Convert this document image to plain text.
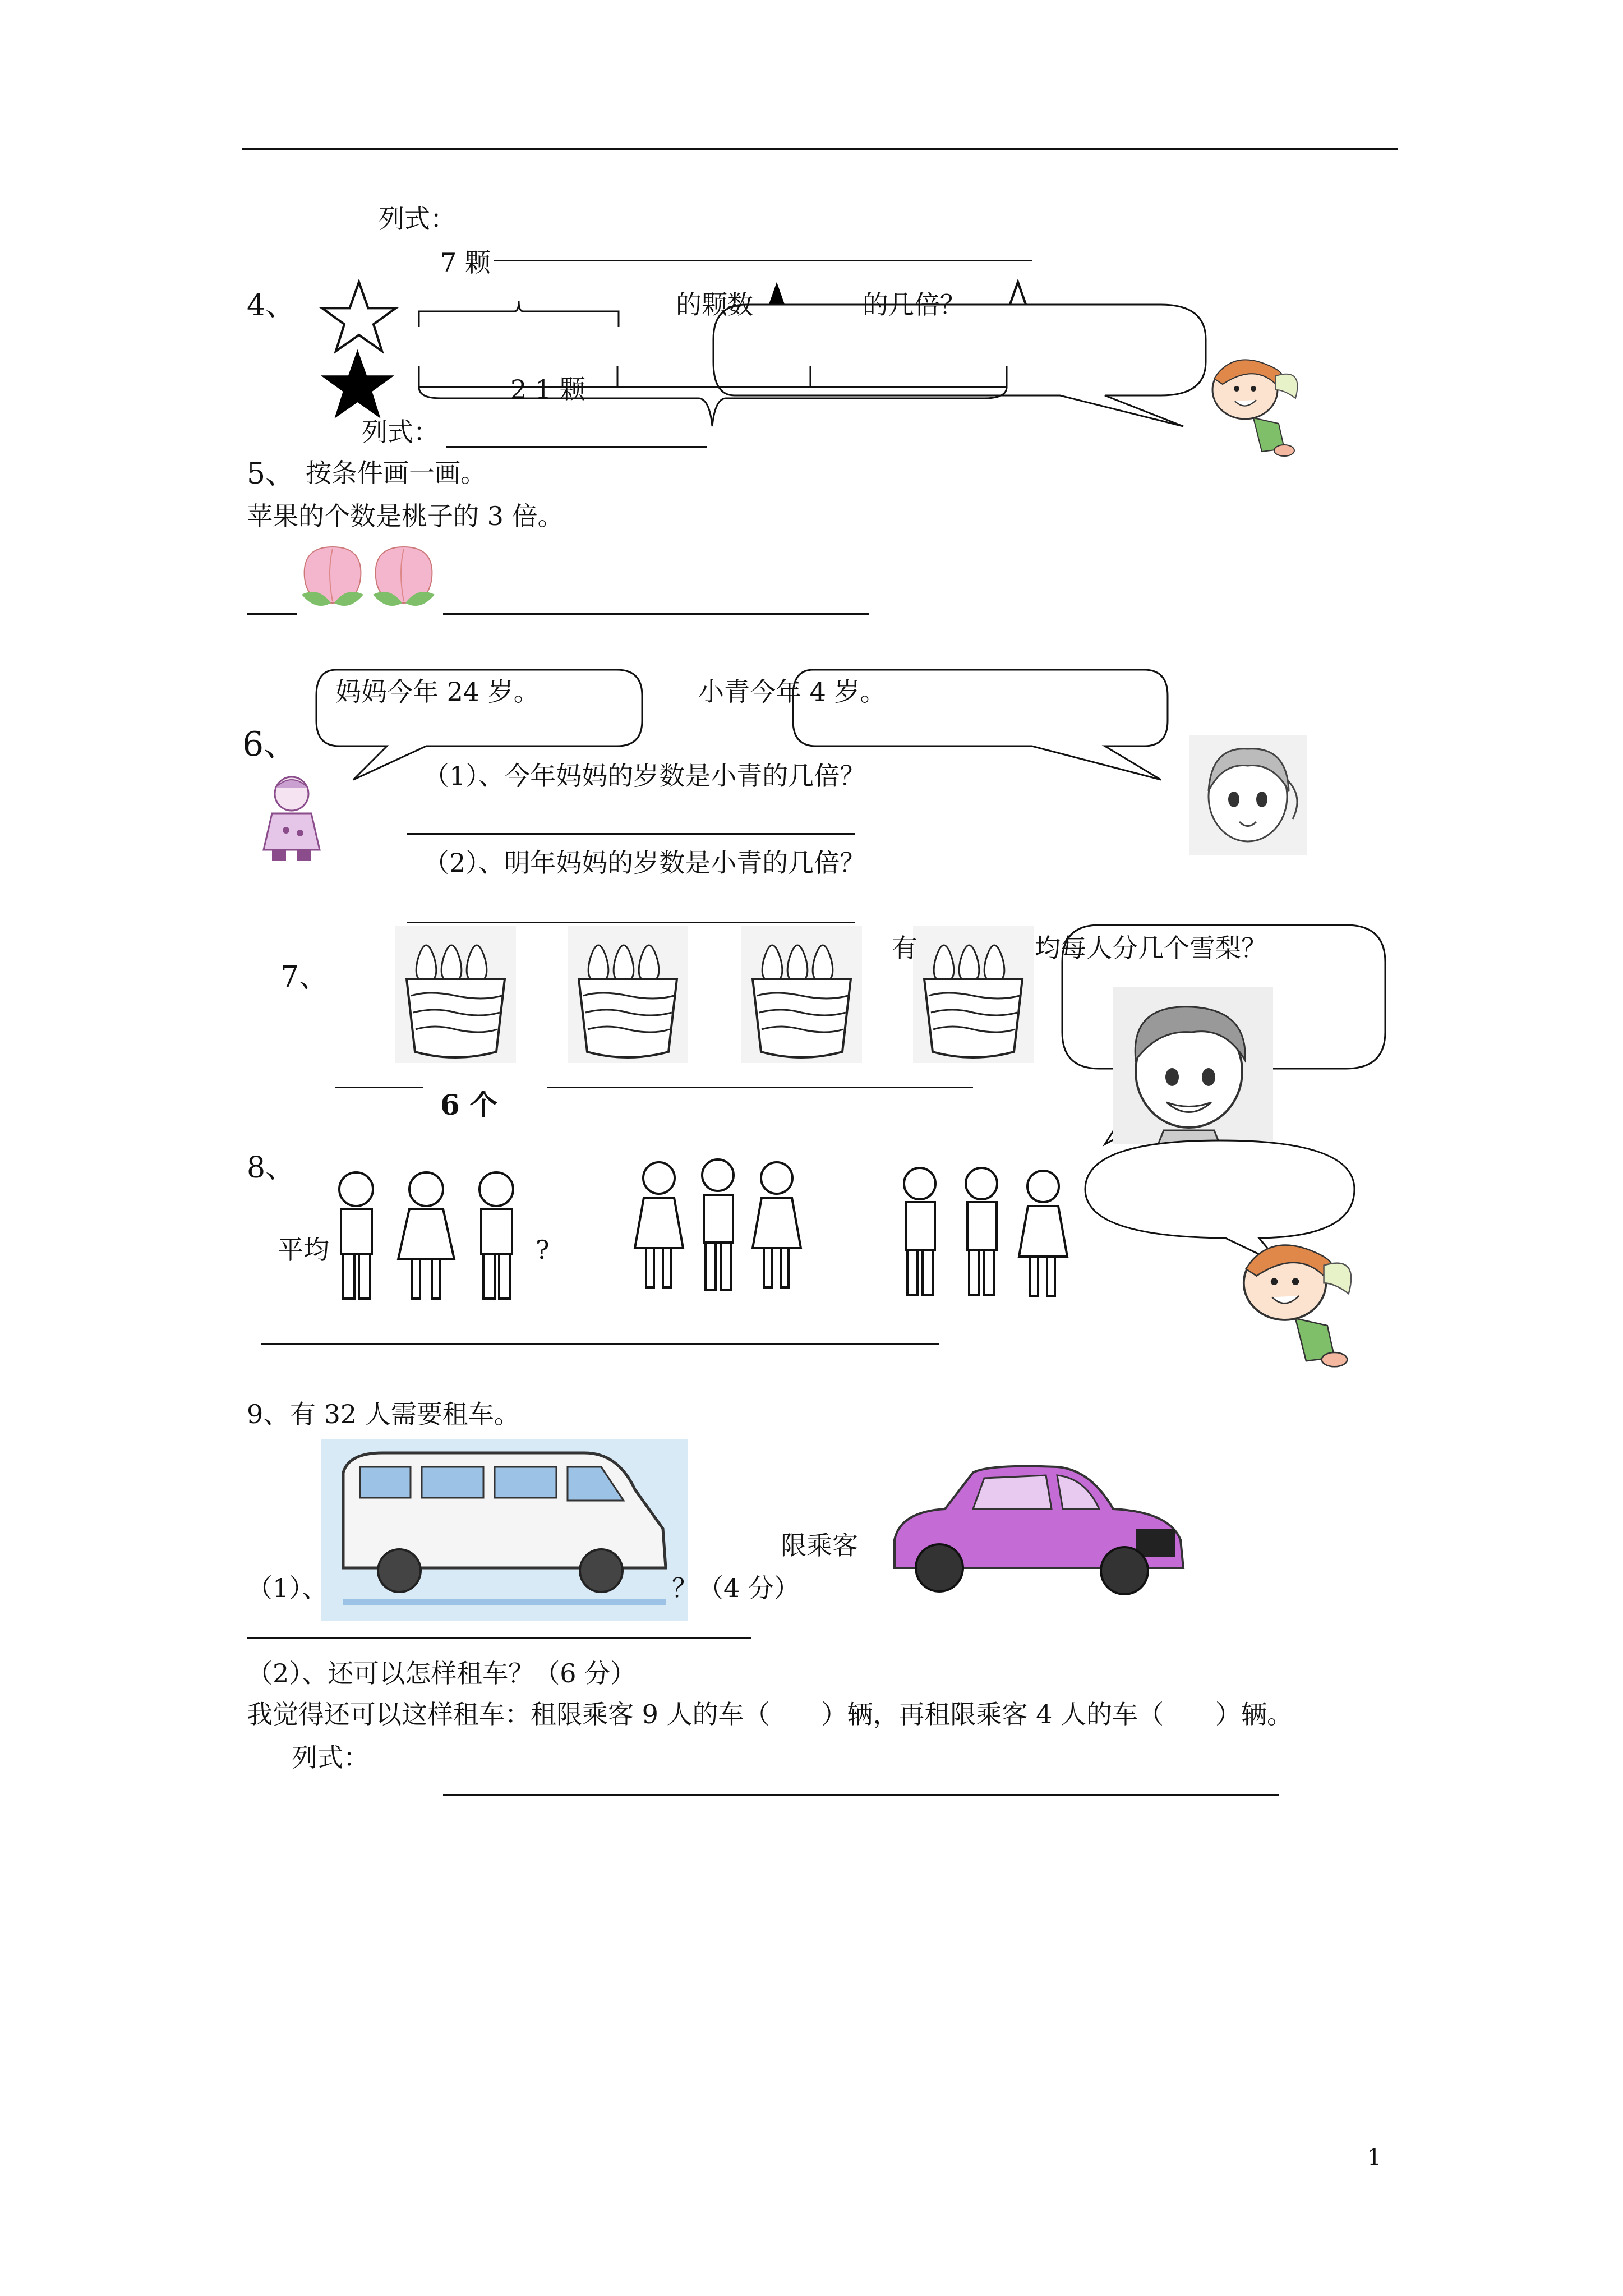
列式：
7 颗
4、	的颗数	的几倍？
2 1 颗
列式：
5、 按条件画一画。
苹果的个数是桃子的 3 倍。
妈妈今年 24 岁。	小青今年 4 岁。
6、
（1）、今年妈妈的岁数是小青的几倍？
（2）、明年妈妈的岁数是小青的几倍？
7、
有	均每人分几个雪梨？
6 个
8、
平均	?
9、 有 32 人需要租车。
限乘客
（1）、	？（4 分）
（2）、还可以怎样租车？（6 分）
我觉得还可以这样租车：租限乘客 9 人的车（　　）辆，再租限乘客 4 人的车（　　）辆。
列式：
1
